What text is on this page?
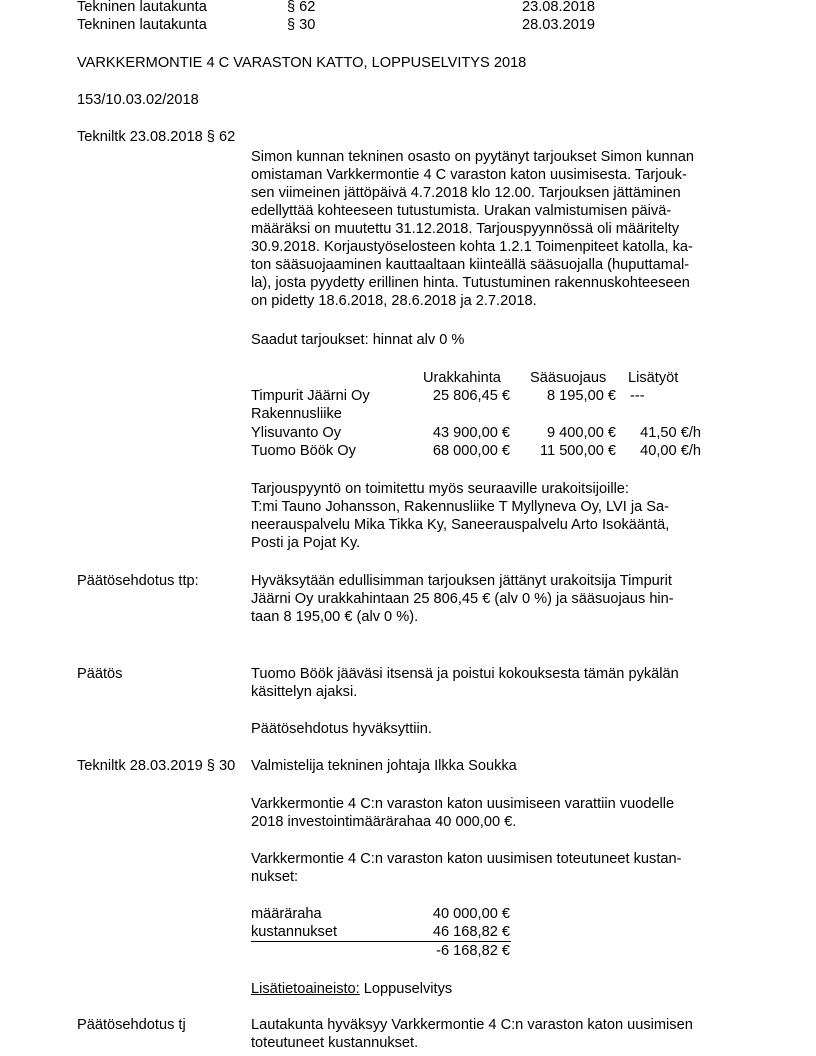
Tekninen lautakunta	§ 62	23.08.2018
Tekninen lautakunta	§ 30	28.03.2019
VARKKERMONTIE 4 C VARASTON KATTO, LOPPUSELVITYS 2018
153/10.03.02/2018
Tekniltk 23.08.2018 § 62

Simon kunnan tekninen osasto on pyytänyt tarjoukset Simon kunnan

omistaman Varkkermontie 4 C varaston katon uusimisesta. Tarjouk-

sen viimeinen jättöpäivä 4.7.2018 klo 12.00. Tarjouksen jättäminen

edellyttää kohteeseen tutustumista. Urakan valmistumisen päivä-

määräksi on muutettu 31.12.2018. Tarjouspyynnössä oli määritelty

30.9.2018. Korjaustyöselosteen kohta 1.2.1 Toimenpiteet katolla, ka-

ton sääsuojaaminen kauttaaltaan kiinteällä sääsuojalla (huputtamal-

la), josta pyydetty erillinen hinta. Tutustuminen rakennuskohteeseen

on pidetty 18.6.2018, 28.6.2018 ja 2.7.2018.

Saadut tarjoukset: hinnat alv 0 %
Urakkahinta Sääsuojaus Lisätyöt
Timpurit Jäärni Oy	25 806,45 €	8 195,00 € ---
Rakennusliike
Ylisuvanto Oy	43 900,00 €	9 400,00 €	41,50 €/h
Tuomo Böök Oy	68 000,00 €	11 500,00 €	40,00 €/h

Tarjouspyyntö on toimitettu myös seuraaville urakoitsijoille:

T:mi Tauno Johansson, Rakennusliike T Myllyneva Oy, LVI ja Sa-

neerauspalvelu Mika Tikka Ky, Saneerauspalvelu Arto Isokääntä,

Posti ja Pojat Ky.

Päätösehdotus ttp:	Hyväksytään edullisimman tarjouksen jättänyt urakoitsija Timpurit

Jäärni Oy urakkahintaan 25 806,45 € (alv 0 %) ja sääsuojaus hin-

taan 8 195,00 € (alv 0 %).

Päätös	Tuomo Böök jääväsi itsensä ja poistui kokouksesta tämän pykälän

käsittelyn ajaksi.

Päätösehdotus hyväksyttiin.
Tekniltk 28.03.2019 § 30 Valmistelija tekninen johtaja Ilkka Soukka

Varkkermontie 4 C:n varaston katon uusimiseen varattiin vuodelle

2018 investointimäärärahaa 40 000,00 €.

Varkkermontie 4 C:n varaston katon uusimisen toteutuneet kustan-

nukset:

määräraha	40 000,00 €
kustannukset	46 168,82 €
-6 168,82 €
Lisätietoaineisto: Loppuselvitys
Päätösehdotus tj	Lautakunta hyväksyy Varkkermontie 4 C:n varaston katon uusimisen

toteutuneet kustannukset.
